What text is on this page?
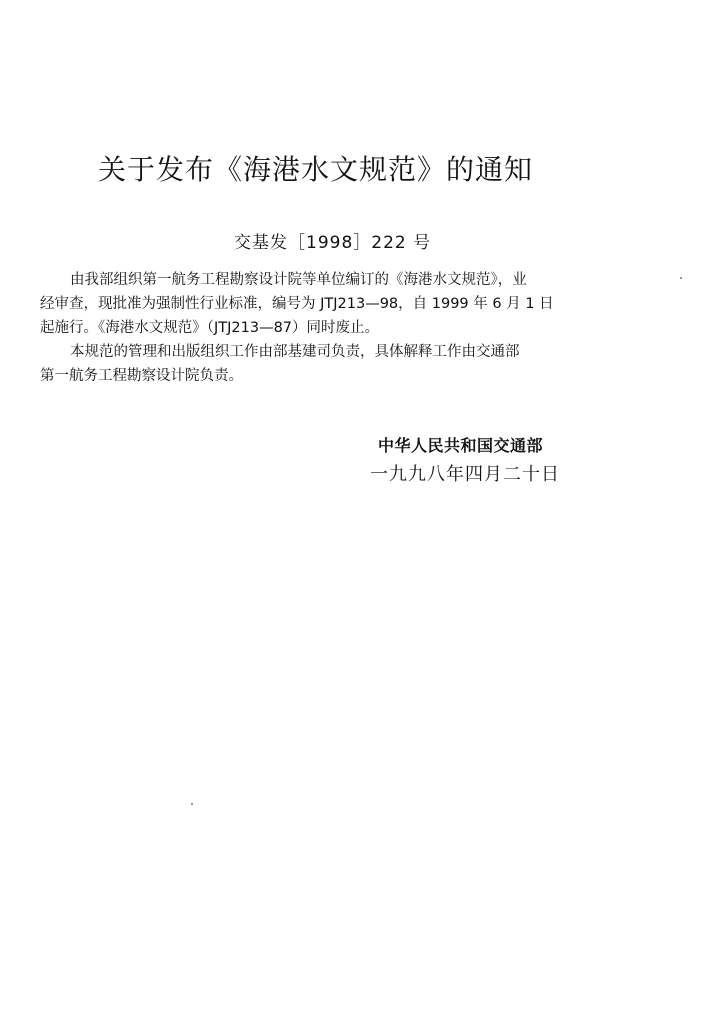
关于发布《海港水文规范》的通知
交基发［1998］222 号
由我部组织第一航务工程勘察设计院等单位编订的《海港水文规范》，业
经审查，现批准为强制性行业标准，编号为 JTJ213—98，自 1999 年 6 月 1 日
起施行。《海港水文规范》（JTJ213—87）同时废止。
本规范的管理和出版组织工作由部基建司负责，具体解释工作由交通部
第一航务工程勘察设计院负责。
中华人民共和国交通部
一九九八年四月二十日
